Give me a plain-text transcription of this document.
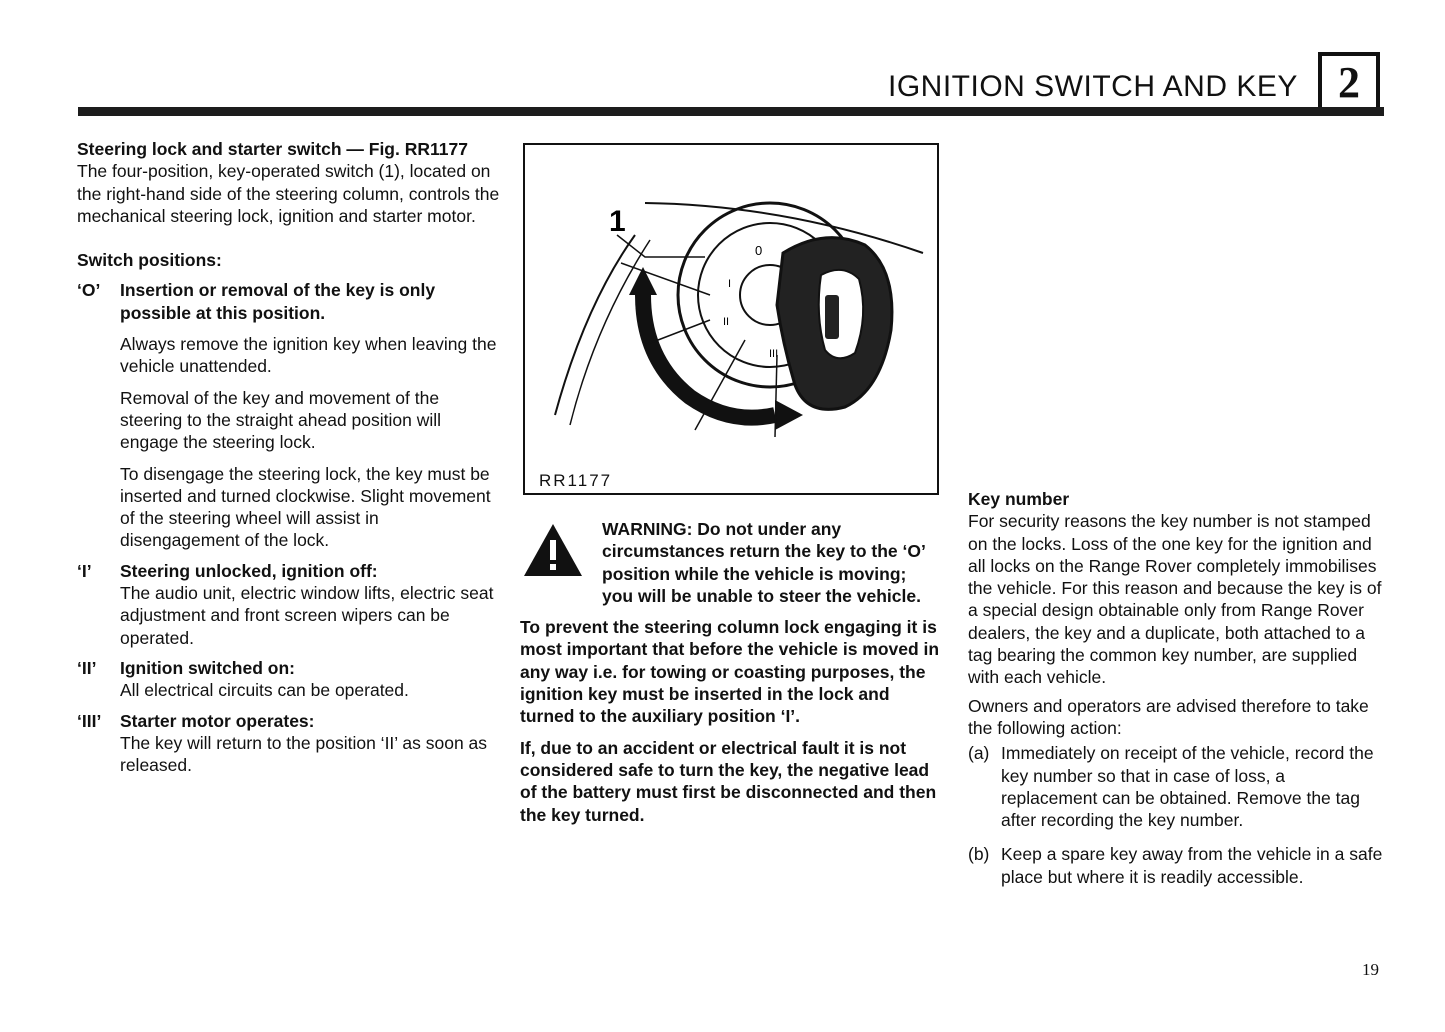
IGNITION SWITCH AND KEY 2

Steering lock and starter switch — Fig. RR1177

The four-position, key-operated switch (1), located on the right-hand side of the steering column, controls the mechanical steering lock, ignition and starter motor.

Switch positions:

‘O’ Insertion or removal of the key is only possible at this position.

Always remove the ignition key when leaving the vehicle unattended.

Removal of the key and movement of the steering to the straight ahead position will engage the steering lock.

To disengage the steering lock, the key must be inserted and turned clockwise. Slight movement of the steering wheel will assist in disengagement of the lock.

‘I’ Steering unlocked, ignition off:

The audio unit, electric window lifts, electric seat adjustment and front screen wipers can be operated.

‘II’ Ignition switched on:

All electrical circuits can be operated.

‘III’ Starter motor operates:

The key will return to the position ‘II’ as soon as released.

0
I
II
III
1
RR1177

WARNING: Do not under any circumstances return the key to the ‘O’ position while the vehicle is moving; you will be unable to steer the vehicle.

To prevent the steering column lock engaging it is most important that before the vehicle is moved in any way i.e. for towing or coasting purposes, the ignition key must be inserted in the lock and turned to the auxiliary position ‘I’.

If, due to an accident or electrical fault it is not considered safe to turn the key, the negative lead of the battery must first be disconnected and then the key turned.

Key number

For security reasons the key number is not stamped on the locks. Loss of the one key for the ignition and all locks on the Range Rover completely immobilises the vehicle. For this reason and because the key is of a special design obtainable only from Range Rover dealers, the key and a duplicate, both attached to a tag bearing the common key number, are supplied with each vehicle.

Owners and operators are advised therefore to take the following action:

(a) Immediately on receipt of the vehicle, record the key number so that in case of loss, a replacement can be obtained. Remove the tag after recording the key number.

(b) Keep a spare key away from the vehicle in a safe place but where it is readily accessible.

19
